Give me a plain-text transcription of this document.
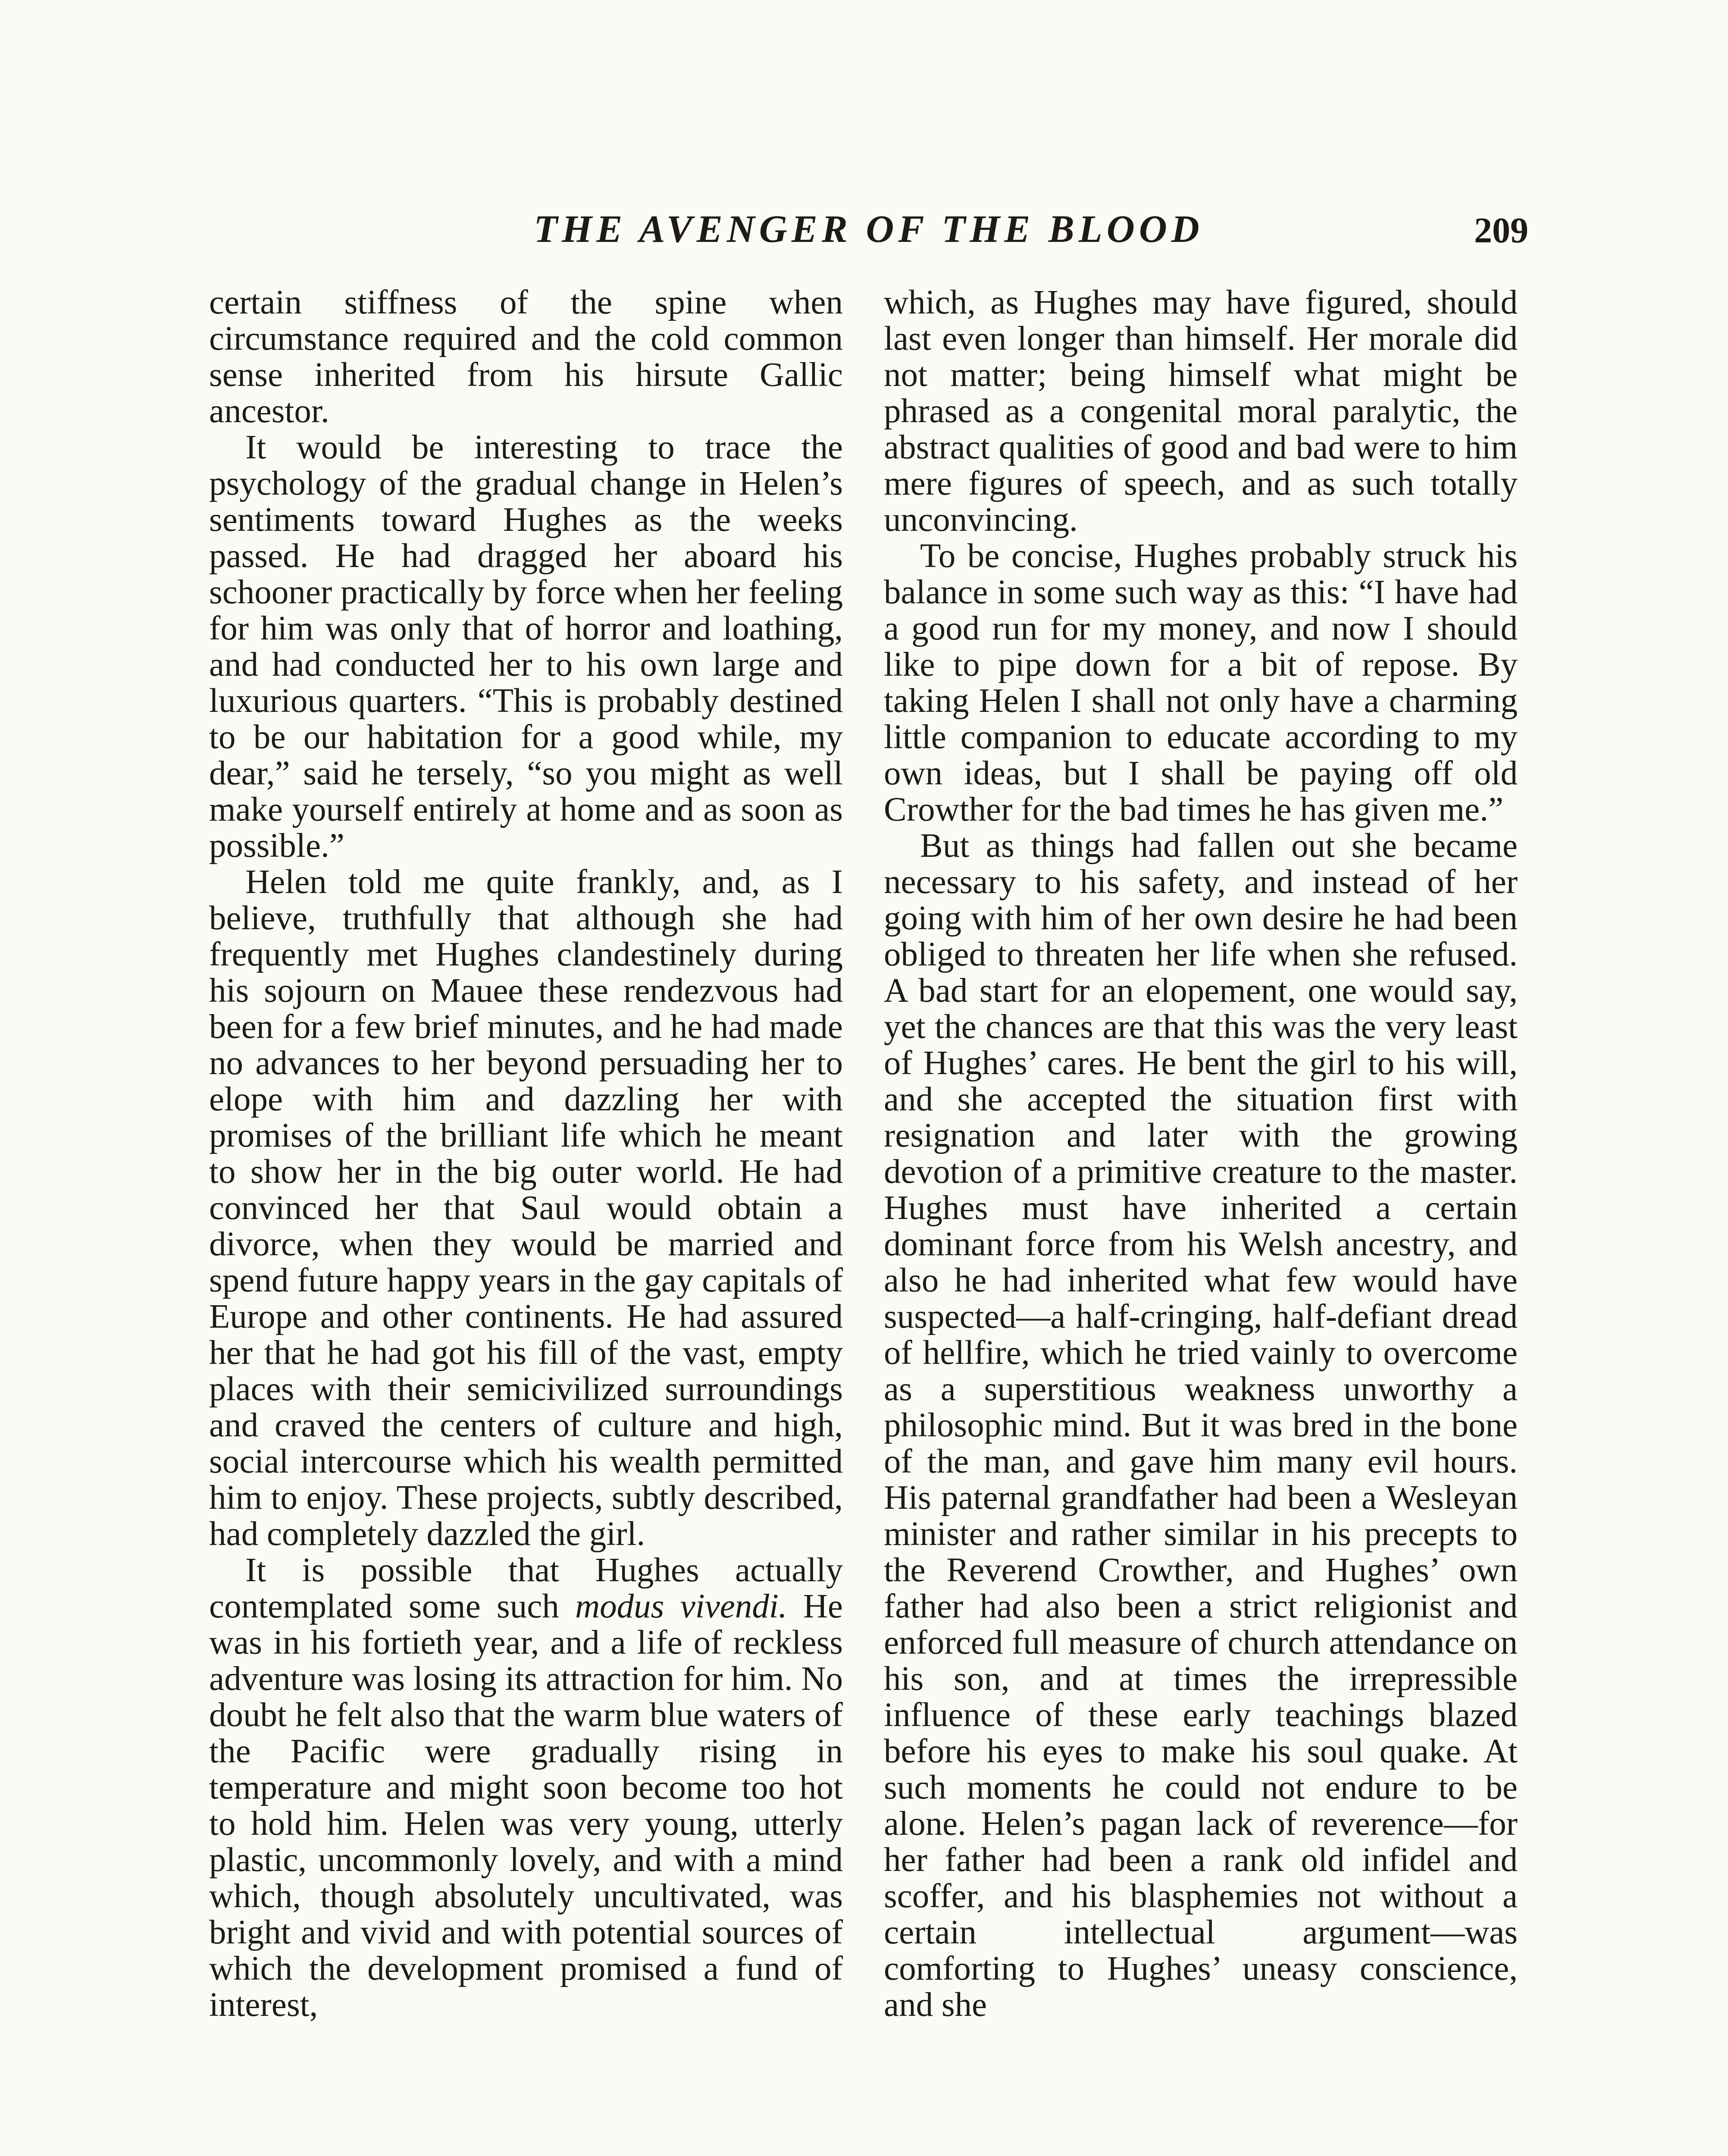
THE AVENGER OF THE BLOOD	209

certain stiffness of the spine when circumstance required and the cold common sense inherited from his hirsute Gallic ancestor.

It would be interesting to trace the psychology of the gradual change in Helen’s sentiments toward Hughes as the weeks passed. He had dragged her aboard his schooner practically by force when her feeling for him was only that of horror and loathing, and had conducted her to his own large and luxurious quarters. “This is probably destined to be our habitation for a good while, my dear,” said he tersely, “so you might as well make yourself entirely at home and as soon as possible.”

Helen told me quite frankly, and, as I believe, truthfully that although she had frequently met Hughes clandestinely during his sojourn on Mauee these rendezvous had been for a few brief minutes, and he had made no advances to her beyond persuading her to elope with him and dazzling her with promises of the brilliant life which he meant to show her in the big outer world. He had convinced her that Saul would obtain a divorce, when they would be married and spend future happy years in the gay capitals of Europe and other continents. He had assured her that he had got his fill of the vast, empty places with their semicivilized surroundings and craved the centers of culture and high, social intercourse which his wealth permitted him to enjoy. These projects, subtly described, had completely dazzled the girl.

It is possible that Hughes actually contemplated some such modus vivendi. He was in his fortieth year, and a life of reckless adventure was losing its attraction for him. No doubt he felt also that the warm blue waters of the Pacific were gradually rising in temperature and might soon become too hot to hold him. Helen was very young, utterly plastic, uncommonly lovely, and with a mind which, though absolutely uncultivated, was bright and vivid and with potential sources of which the development promised a fund of interest,

which, as Hughes may have figured, should last even longer than himself. Her morale did not matter; being himself what might be phrased as a congenital moral paralytic, the abstract qualities of good and bad were to him mere figures of speech, and as such totally unconvincing.

To be concise, Hughes probably struck his balance in some such way as this: “I have had a good run for my money, and now I should like to pipe down for a bit of repose. By taking Helen I shall not only have a charming little companion to educate according to my own ideas, but I shall be paying off old Crowther for the bad times he has given me.”

But as things had fallen out she became necessary to his safety, and instead of her going with him of her own desire he had been obliged to threaten her life when she refused. A bad start for an elopement, one would say, yet the chances are that this was the very least of Hughes’ cares. He bent the girl to his will, and she accepted the situation first with resignation and later with the growing devotion of a primitive creature to the master. Hughes must have inherited a certain dominant force from his Welsh ancestry, and also he had inherited what few would have suspected—a half-cringing, half-defiant dread of hellfire, which he tried vainly to overcome as a superstitious weakness unworthy a philosophic mind. But it was bred in the bone of the man, and gave him many evil hours. His paternal grandfather had been a Wesleyan minister and rather similar in his precepts to the Reverend Crowther, and Hughes’ own father had also been a strict religionist and enforced full measure of church attendance on his son, and at times the irrepressible influence of these early teachings blazed before his eyes to make his soul quake. At such moments he could not endure to be alone. Helen’s pagan lack of reverence—for her father had been a rank old infidel and scoffer, and his blasphemies not without a certain intellectual argument—was comforting to Hughes’ uneasy conscience, and she
